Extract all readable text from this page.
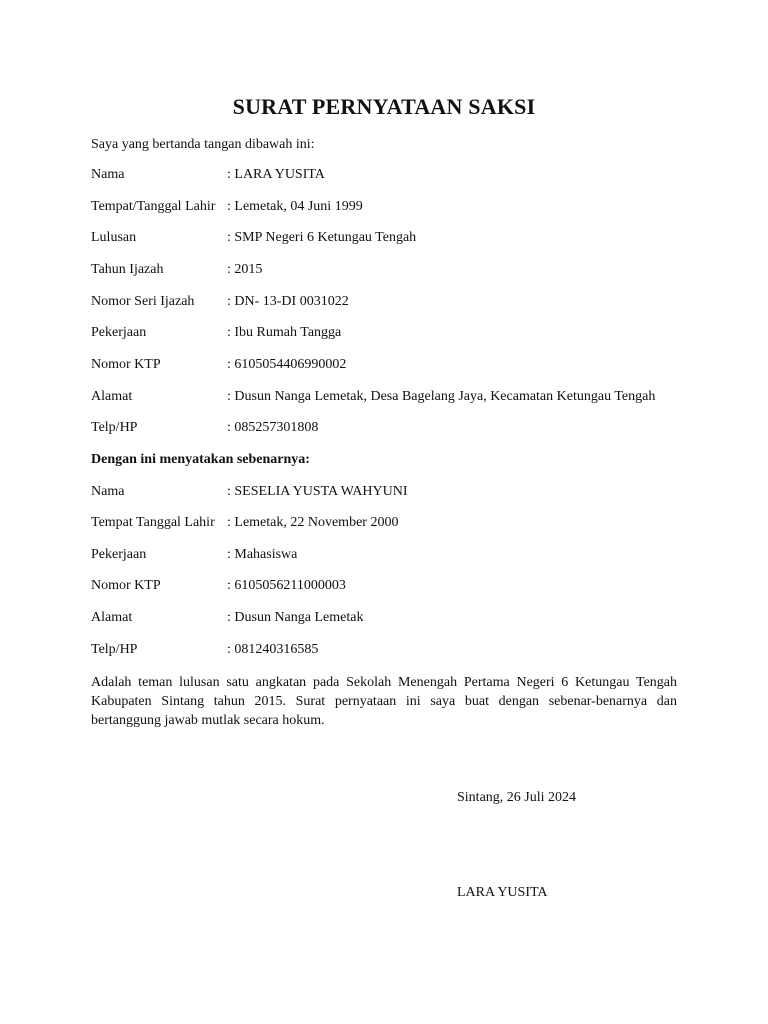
SURAT PERNYATAAN SAKSI
Saya yang bertanda tangan dibawah ini:
Nama	: LARA YUSITA
Tempat/Tanggal Lahir : Lemetak, 04 Juni 1999
Lulusan	: SMP Negeri 6 Ketungau Tengah
Tahun Ijazah	: 2015
Nomor Seri Ijazah : DN- 13-DI 0031022
Pekerjaan	: Ibu Rumah Tangga
Nomor KTP	: 6105054406990002
Alamat	: Dusun Nanga Lemetak, Desa Bagelang Jaya, Kecamatan Ketungau Tengah
Telp/HP	: 085257301808
Dengan ini menyatakan sebenarnya:
Nama	: SESELIA YUSTA WAHYUNI
Tempat Tanggal Lahir : Lemetak, 22 November 2000
Pekerjaan	: Mahasiswa
Nomor KTP	: 6105056211000003
Alamat	: Dusun Nanga Lemetak
Telp/HP	: 081240316585
Adalah teman lulusan satu angkatan pada Sekolah Menengah Pertama Negeri 6 Ketungau Tengah Kabupaten Sintang tahun 2015. Surat pernyataan ini saya buat dengan sebenar-benarnya dan bertanggung jawab mutlak secara hokum.
Sintang, 26 Juli 2024
LARA YUSITA
